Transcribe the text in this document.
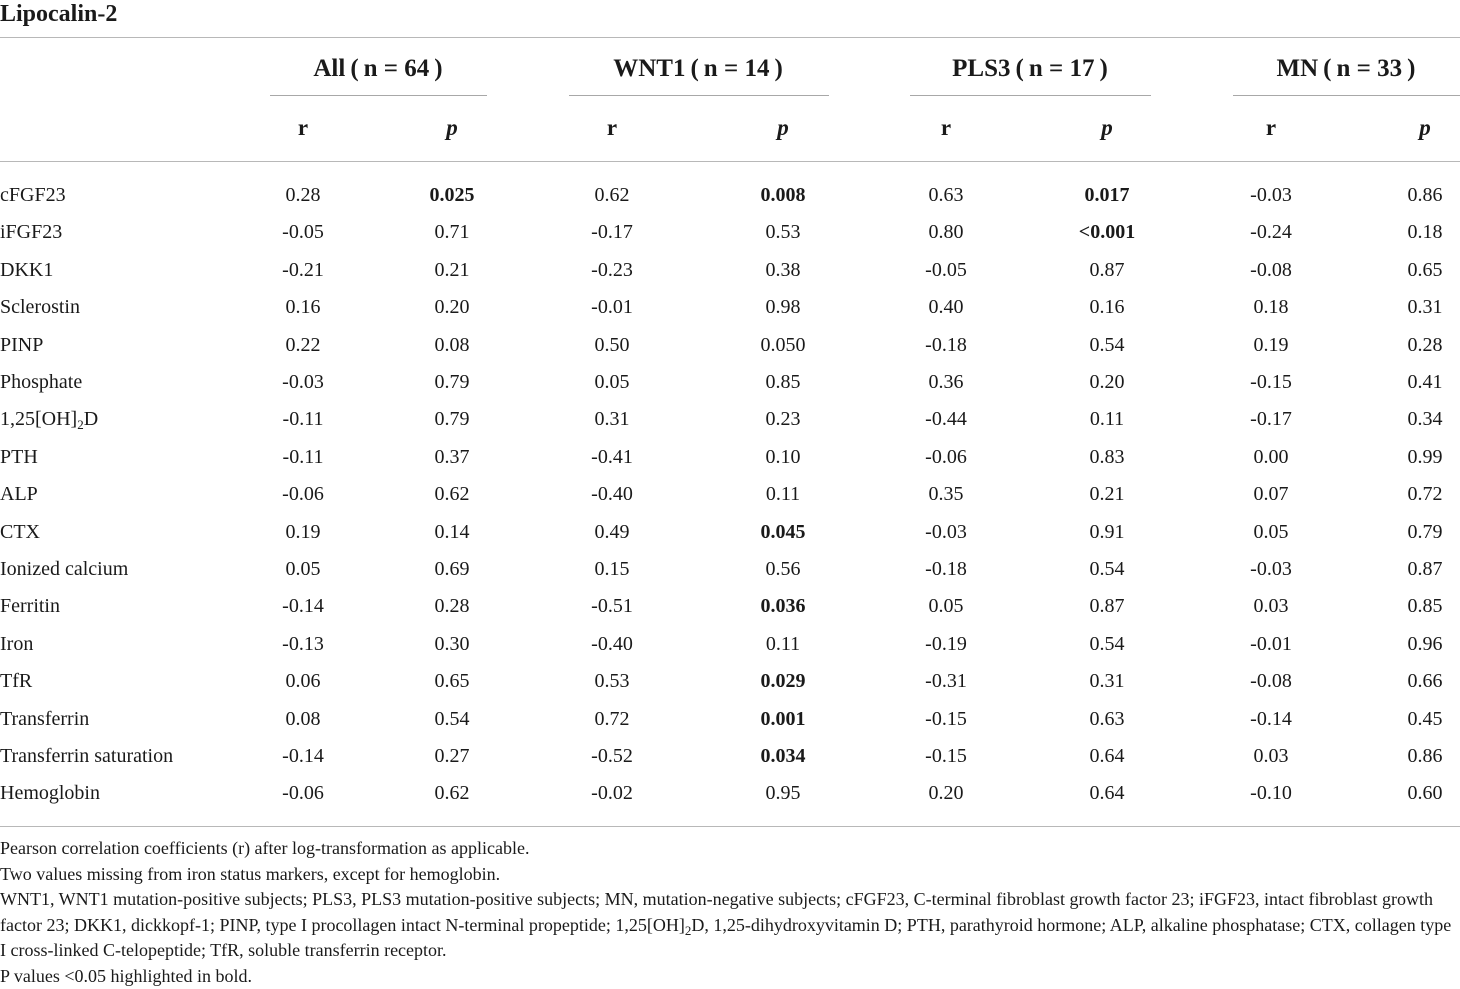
Lipocalin-2
All ( n = 64 )	WNT1 ( n = 14 )	PLS3 ( n = 17 )	MN ( n = 33 )
r	p	r	p	r	p	r	p
cFGF23	0.28	0.025	0.62	0.008	0.63	0.017	-0.03	0.86
iFGF23	-0.05	0.71	-0.17	0.53	0.80	<0.001	-0.24	0.18
DKK1	-0.21	0.21	-0.23	0.38	-0.05	0.87	-0.08	0.65
Sclerostin	0.16	0.20	-0.01	0.98	0.40	0.16	0.18	0.31
PINP	0.22	0.08	0.50	0.050	-0.18	0.54	0.19	0.28
Phosphate	-0.03	0.79	0.05	0.85	0.36	0.20	-0.15	0.41
$1,25[OH]_2D$	-0.11	0.79	0.31	0.23	-0.44	0.11	-0.17	0.34
PTH	-0.11	0.37	-0.41	0.10	-0.06	0.83	0.00	0.99
ALP	-0.06	0.62	-0.40	0.11	0.35	0.21	0.07	0.72
CTX	0.19	0.14	0.49	0.045	-0.03	0.91	0.05	0.79
Ionized calcium	0.05	0.69	0.15	0.56	-0.18	0.54	-0.03	0.87
Ferritin	-0.14	0.28	-0.51	0.036	0.05	0.87	0.03	0.85
Iron	-0.13	0.30	-0.40	0.11	-0.19	0.54	-0.01	0.96
TfR	0.06	0.65	0.53	0.029	-0.31	0.31	-0.08	0.66
Transferrin	0.08	0.54	0.72	0.001	-0.15	0.63	-0.14	0.45
Transferrin saturation	-0.14	0.27	-0.52	0.034	-0.15	0.64	0.03	0.86
Hemoglobin	-0.06	0.62	-0.02	0.95	0.20	0.64	-0.10	0.60
Pearson correlation coefficients (r) after log-transformation as applicable.
Two values missing from iron status markers, except for hemoglobin.
WNT1, WNT1 mutation-positive subjects; PLS3, PLS3 mutation-positive subjects; MN, mutation-negative subjects; cFGF23, C-terminal fibroblast growth factor 23; iFGF23, intact fibroblast growth factor 23; DKK1, dickkopf-1; PINP, type I procollagen intact N-terminal propeptide; $1,25[OH]_2D$, 1,25-dihydroxyvitamin D; PTH, parathyroid hormone; ALP, alkaline phosphatase; CTX, collagen type I cross-linked C-telopeptide; TfR, soluble transferrin receptor.
P values <0.05 highlighted in bold.
